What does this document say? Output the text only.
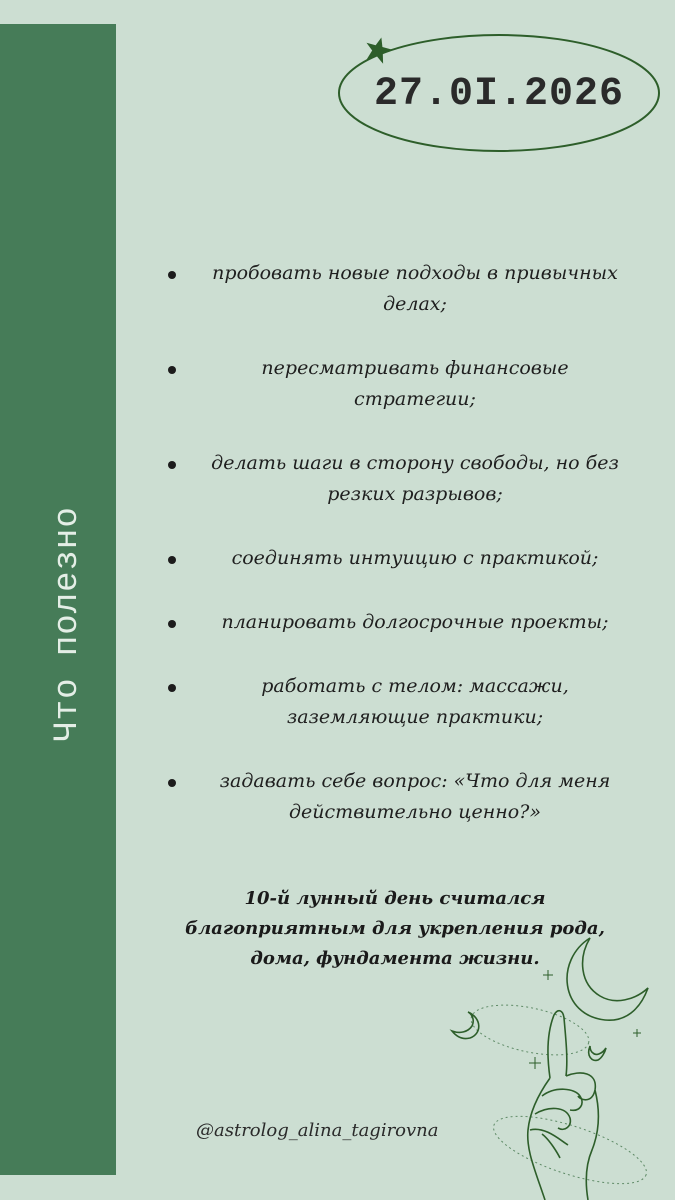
Что полезно
27.0I.2026
пробовать новые подходы в привычных делах;
пересматривать финансовые стратегии;
делать шаги в сторону свободы, но без резких разрывов;
соединять интуицию с практикой;
планировать долгосрочные проекты;
работать с телом: массажи, заземляющие практики;
задавать себе вопрос: «Что для меня действительно ценно?»
10-й лунный день считался благоприятным для укрепления рода, дома, фундамента жизни.
@astrolog_alina_tagirovna
